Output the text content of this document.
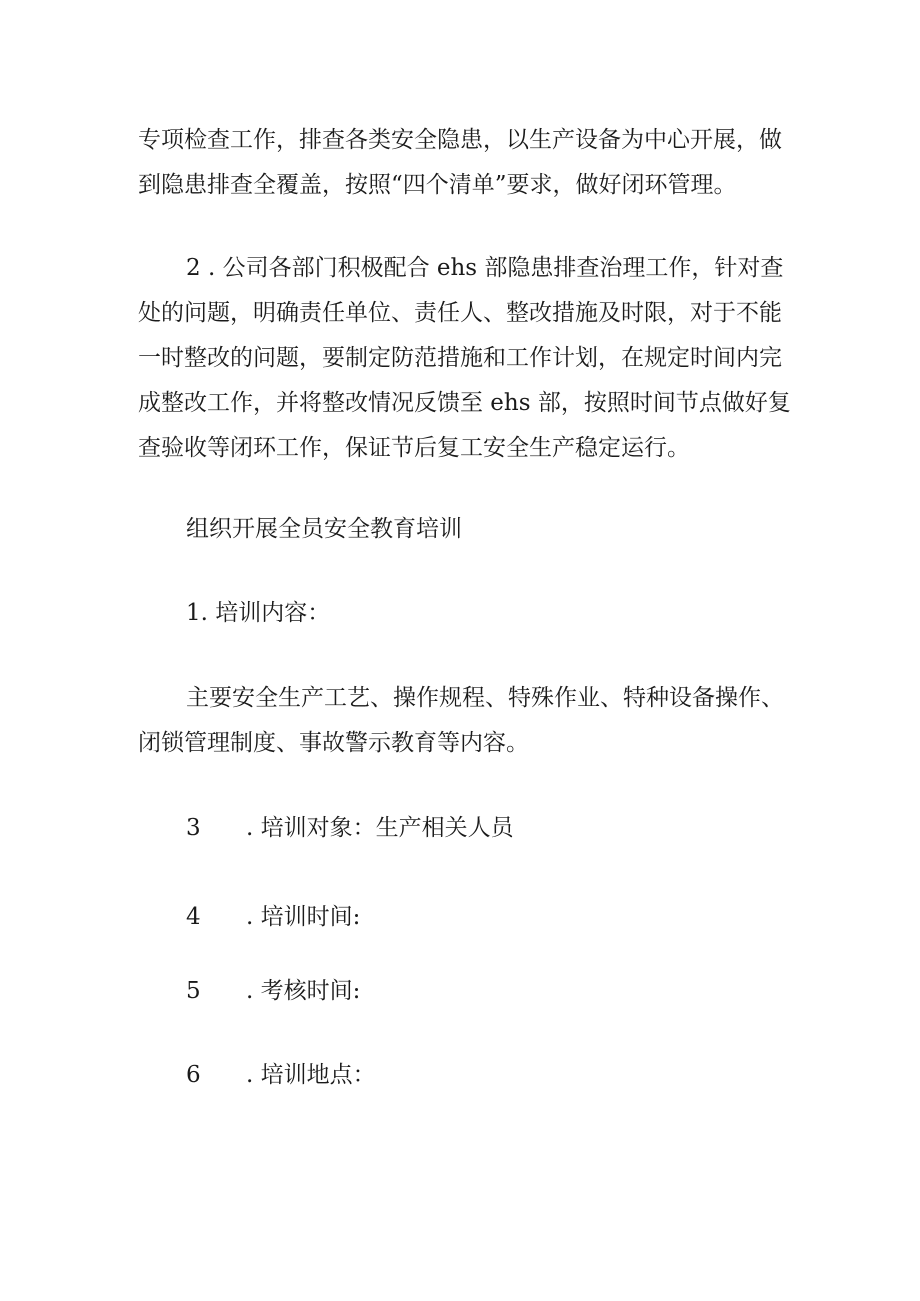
专项检查工作，排查各类安全隐患，以生产设备为中心开展，做
到隐患排查全覆盖，按照“四个清单”要求，做好闭环管理。
2 . 公司各部门积极配合 ehs 部隐患排查治理工作，针对查
处的问题，明确责任单位、责任人、整改措施及时限，对于不能
一时整改的问题，要制定防范措施和工作计划，在规定时间内完
成整改工作，并将整改情况反馈至 ehs 部，按照时间节点做好复
查验收等闭环工作，保证节后复工安全生产稳定运行。
组织开展全员安全教育培训
1. 培训内容：
主要安全生产工艺、操作规程、特殊作业、特种设备操作、
闭锁管理制度、事故警示教育等内容。
3 . 培训对象：生产相关人员
4 . 培训时间:
5 . 考核时间:
6 . 培训地点：
